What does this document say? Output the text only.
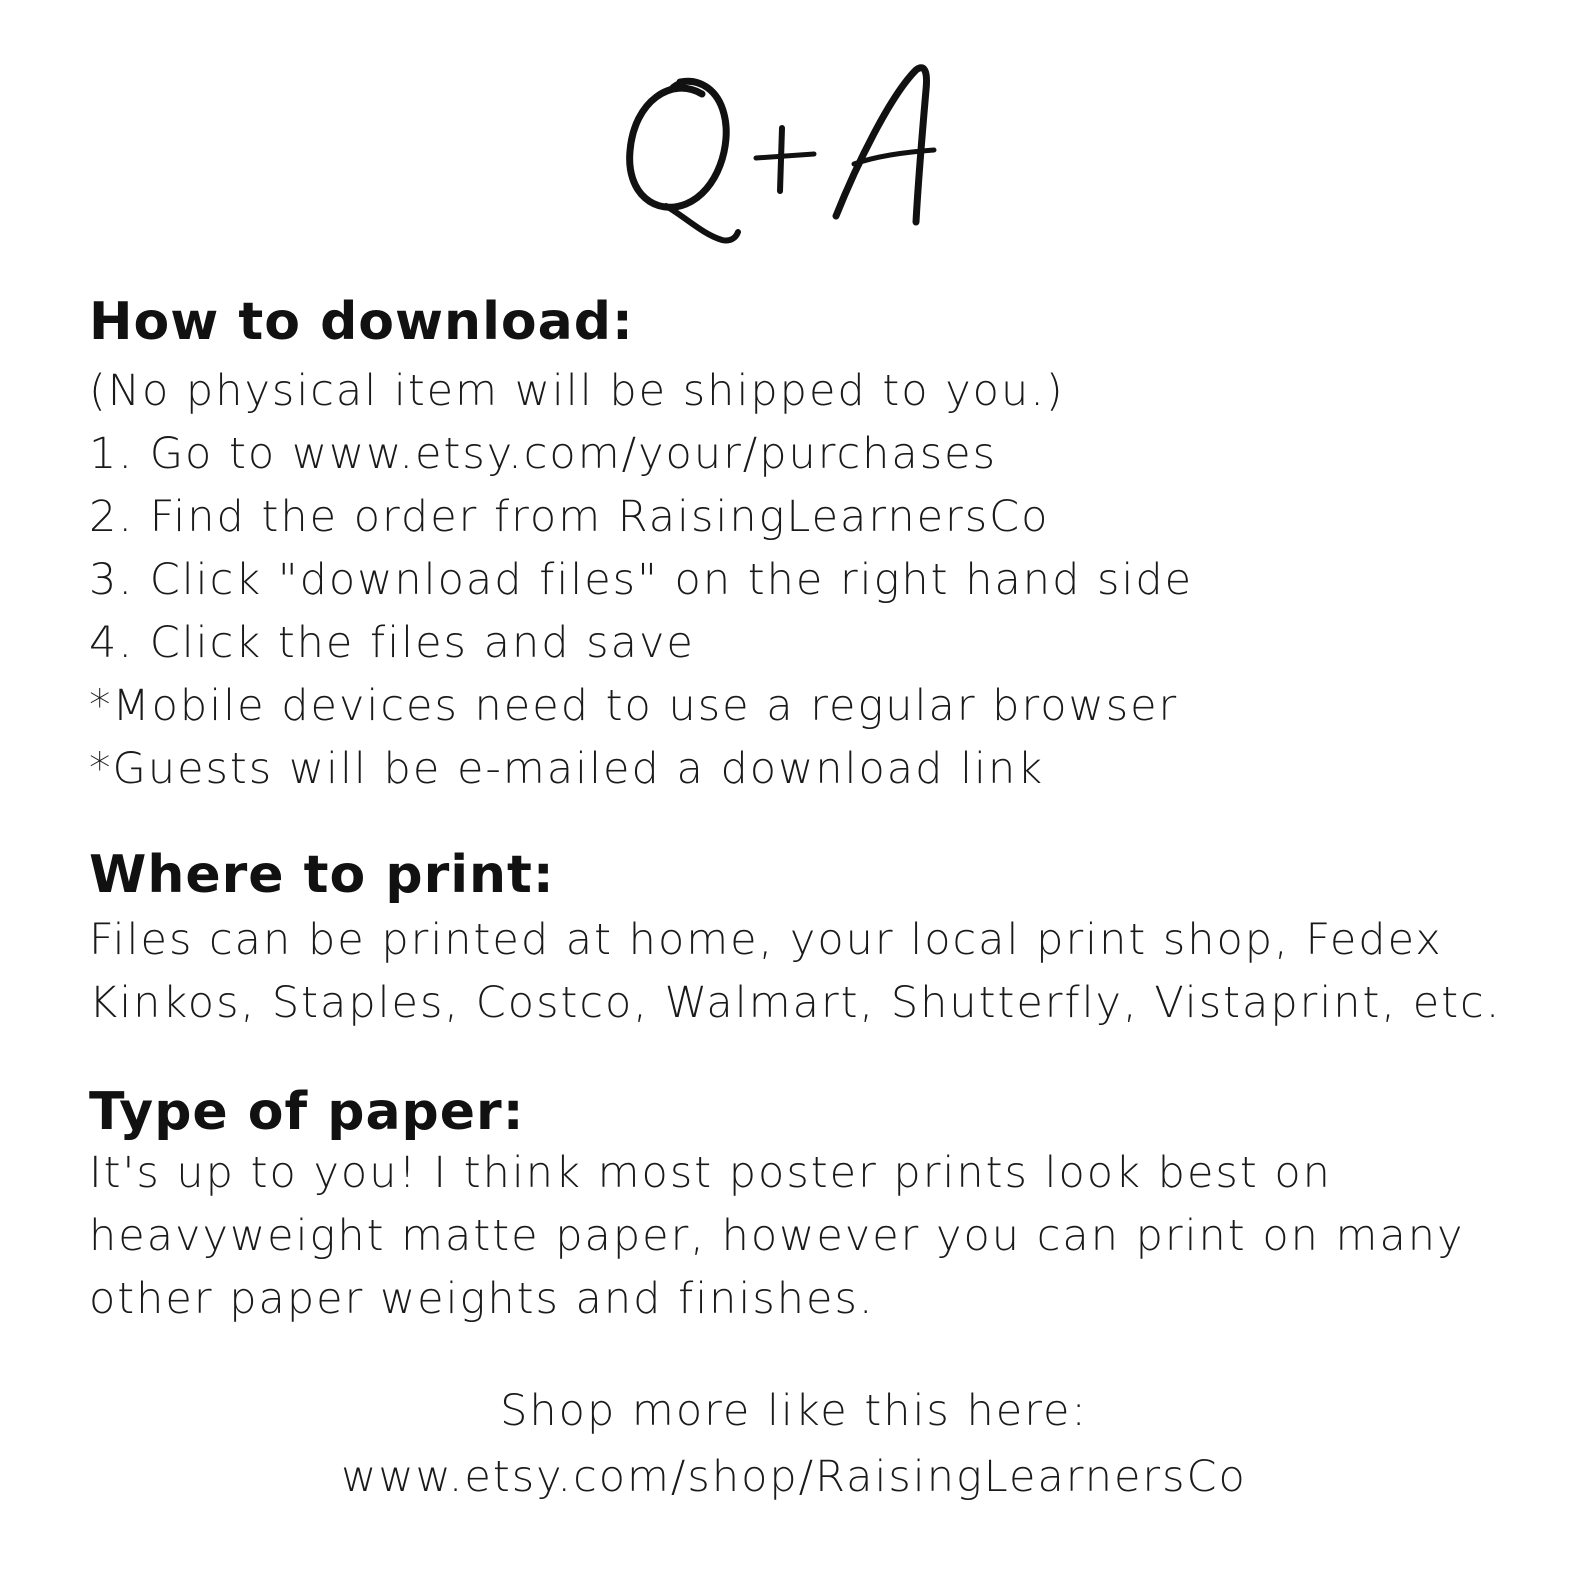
How to download:

(No physical item will be shipped to you.)

1. Go to www.etsy.com/your/purchases

2. Find the order from RaisingLearnersCo

3. Click "download files" on the right hand side

4. Click the files and save

*Mobile devices need to use a regular browser

*Guests will be e-mailed a download link

Where to print:

Files can be printed at home, your local print shop, Fedex

Kinkos, Staples, Costco, Walmart, Shutterfly, Vistaprint, etc.

Type of paper:

It's up to you! I think most poster prints look best on

heavyweight matte paper, however you can print on many

other paper weights and finishes.

Shop more like this here:

www.etsy.com/shop/RaisingLearnersCo
